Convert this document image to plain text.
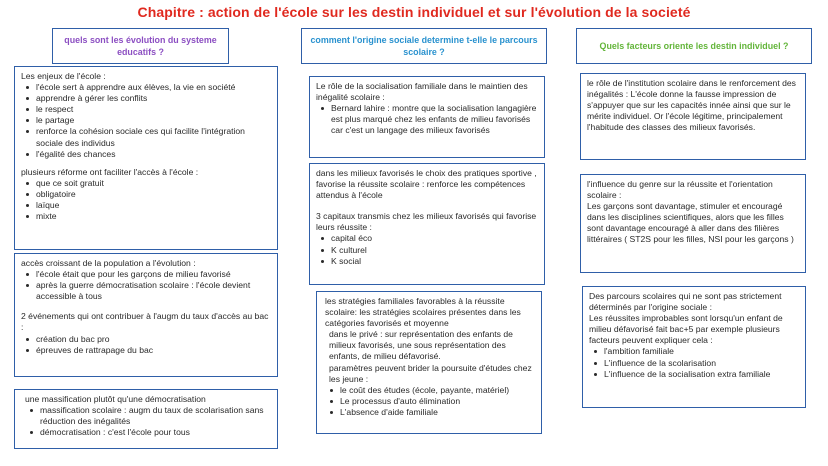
Chapitre : action de l'école sur les destin individuel et sur l'évolution de la societé
quels sont les évolution du systeme educatifs ?

Les enjeux de l'école :

l'école sert à apprendre aux élèves, la vie en société
apprendre à gérer les conflits
le respect
le partage
renforce la cohésion sociale ces qui facilite l'intégration sociale des individus
l'égalité des chances

plusieurs réforme ont faciliter l'accès à l'école :

que ce soit gratuit
obligatoire
laïque
mixte

accès croissant de la population a l'évolution :

l'école était que pour les garçons de milieu favorisé
après la guerre démocratisation scolaire : l'école devient accessible à tous

2 événements qui ont contribuer à l'augm du taux d'accès au bac :

création du bac pro
épreuves de rattrapage du bac

une massification plutôt qu'une démocratisation

massification scolaire : augm du taux de scolarisation sans réduction des inégalités
démocratisation : c'est l'école pour tous
comment l'origine sociale determine t-elle le parcours scolaire ?

Le rôle de la socialisation familiale dans le maintien des inégalité scolaire :

Bernard lahire : montre que la socialisation langagière est plus marqué chez les enfants de milieu favorisés car c'est un langage des milieux favorisés

dans les milieux favorisés le choix des pratiques sportive , favorise la réussite scolaire : renforce les compétences attendus à l'école

3 capitaux transmis chez les milieux favorisés qui favorise leurs réussite :

capital éco
K culturel
K social

les stratégies familiales favorables à la réussite scolaire: les stratégies scolaires présentes dans les catégories favorisés et moyenne

dans le privé : sur représentation des enfants de milieux favorisés, une sous représentation des enfants, de milieu défavorisé.

paramètres peuvent brider la poursuite d'études chez les jeune :

le coût des études (école, payante, matériel)
Le processus d'auto élimination
L'absence d'aide familiale
Quels facteurs oriente les destin individuel ?

le rôle de l'institution scolaire dans le renforcement des inégalités : L'école donne la fausse impression de s'appuyer que sur les capacités innée ainsi que sur le mérite individuel. Or l'école légitime, principalement l'habitude des classes des milieux favorisés.

l'influence du genre sur la réussite et l'orientation scolaire :

Les garçons sont davantage, stimuler et encouragé dans les disciplines scientifiques, alors que les filles sont davantage encouragé à aller dans des filières littéraires ( ST2S pour les filles, NSI pour les garçons )

Des parcours scolaires qui ne sont pas strictement déterminés par l'origine sociale :

Les réussites improbables sont lorsqu'un enfant de milieu défavorisé fait bac+5 par exemple plusieurs facteurs peuvent expliquer cela :

l'ambition familiale
L'influence de la scolarisation
L'influence de la socialisation extra familiale
